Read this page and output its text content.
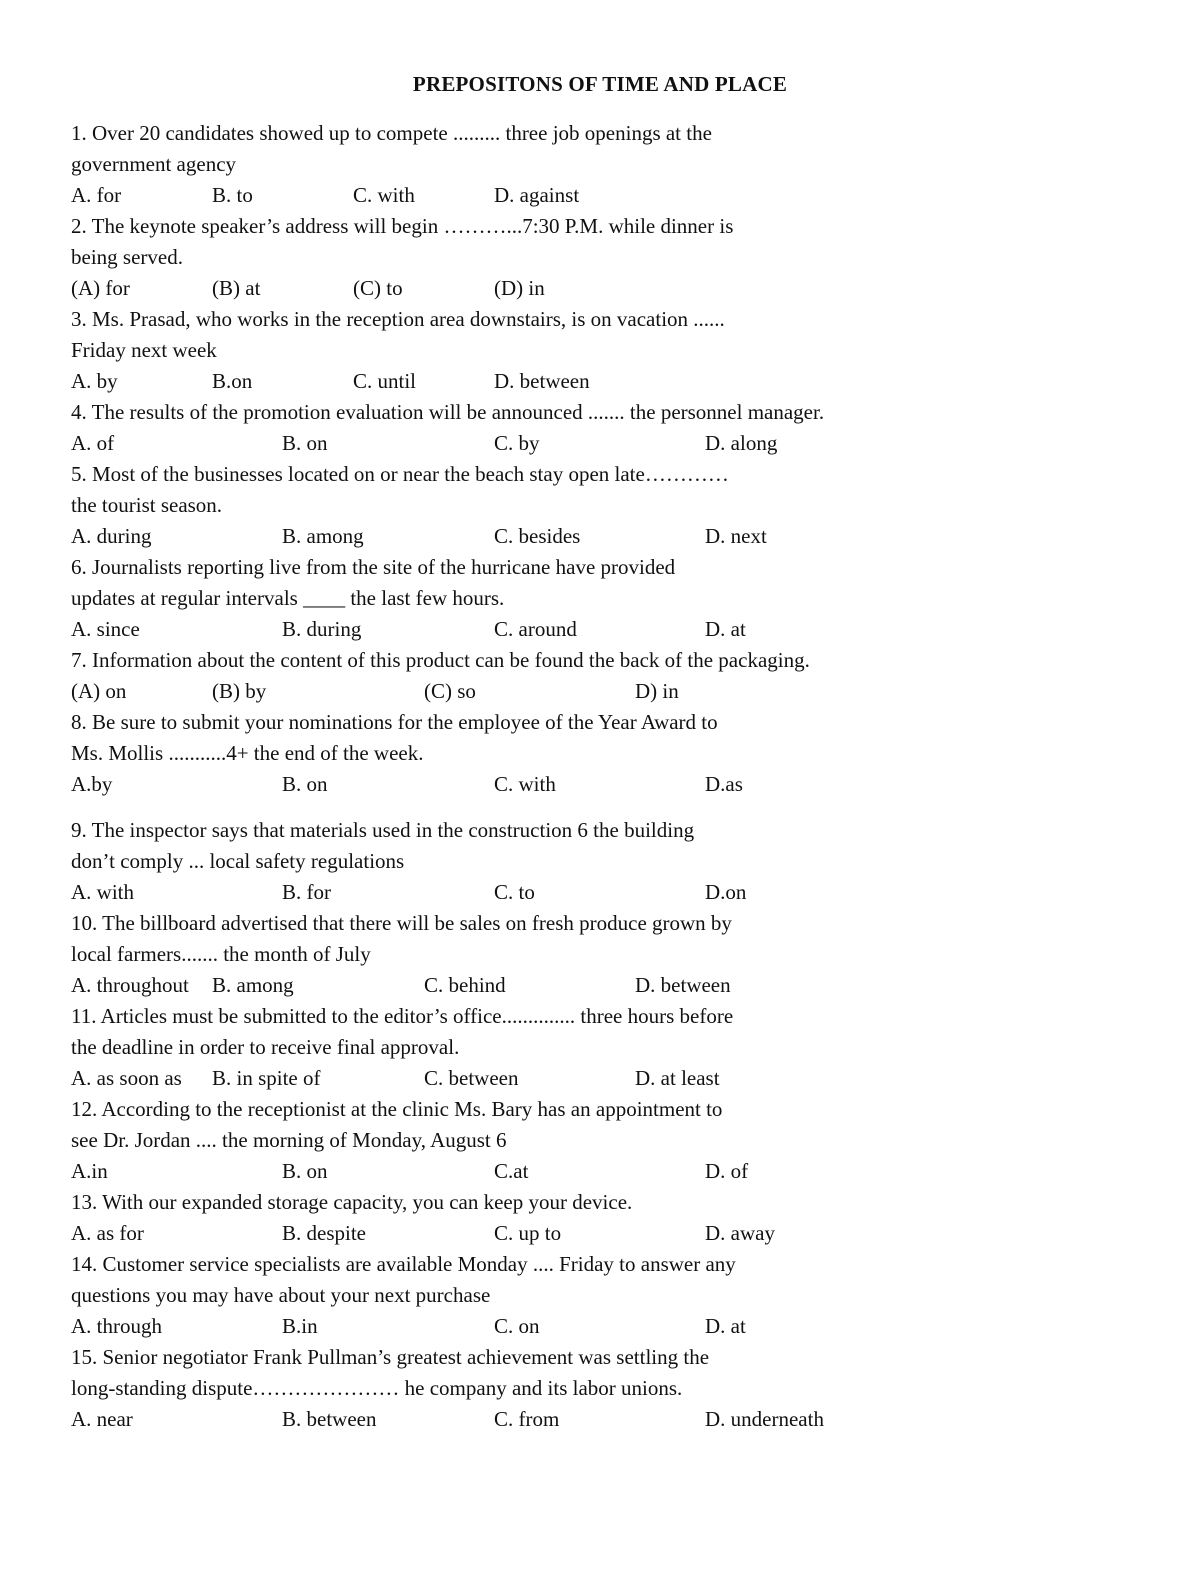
PREPOSITONS OF TIME AND PLACE
1. Over 20 candidates showed up to compete ......... three job openings at the
government agency

A. for

	B. to

	C. with

	D. against

2. The keynote speaker’s address will begin ………...7:30 P.M. while dinner is
being served.

(A) for

	(B) at

	(C) to

	(D) in

3. Ms. Prasad, who works in the reception area downstairs, is on vacation ......
Friday next week

A. by

	B.on

	C. until

	D. between

4. The results of the promotion evaluation will be announced ....... the personnel manager.

A. of

	B. on

	C. by

	D. along

5. Most of the businesses located on or near the beach stay open late…………
the tourist season.

A. during

	B. among

	C. besides

	D. next

6. Journalists reporting live from the site of the hurricane have provided
updates at regular intervals ____ the last few hours.

A. since

	B. during

	C. around

	D. at

7. Information about the content of this product can be found the back of the packaging.

(A) on

	(B) by

	(C) so

	D) in

8. Be sure to submit your nominations for the employee of the Year Award to
Ms. Mollis ...........4+ the end of the week.

A.by

	B. on

	C. with

	D.as

9. The inspector says that materials used in the construction 6 the building
don’t comply ... local safety regulations

A. with

	B. for

	C. to

	D.on

10. The billboard advertised that there will be sales on fresh produce grown by
local farmers....... the month of July

A. throughout

B. among

	C. behind

	D. between

11. Articles must be submitted to the editor’s office.............. three hours before
the deadline in order to receive final approval.

A. as soon as

B. in spite of

	C. between

	D. at least

12. According to the receptionist at the clinic Ms. Bary has an appointment to
see Dr. Jordan .... the morning of Monday, August 6

A.in

	B. on

	C.at

	D. of

13. With our expanded storage capacity, you can keep your device.

A. as for

	B. despite

	C. up to

	D. away

14. Customer service specialists are available Monday .... Friday to answer any
questions you may have about your next purchase

A. through

	B.in

	C. on

	D. at

15. Senior negotiator Frank Pullman’s greatest achievement was settling the
long-standing dispute………………… he company and its labor unions.

A. near

	B. between

	C. from

	D. underneath
